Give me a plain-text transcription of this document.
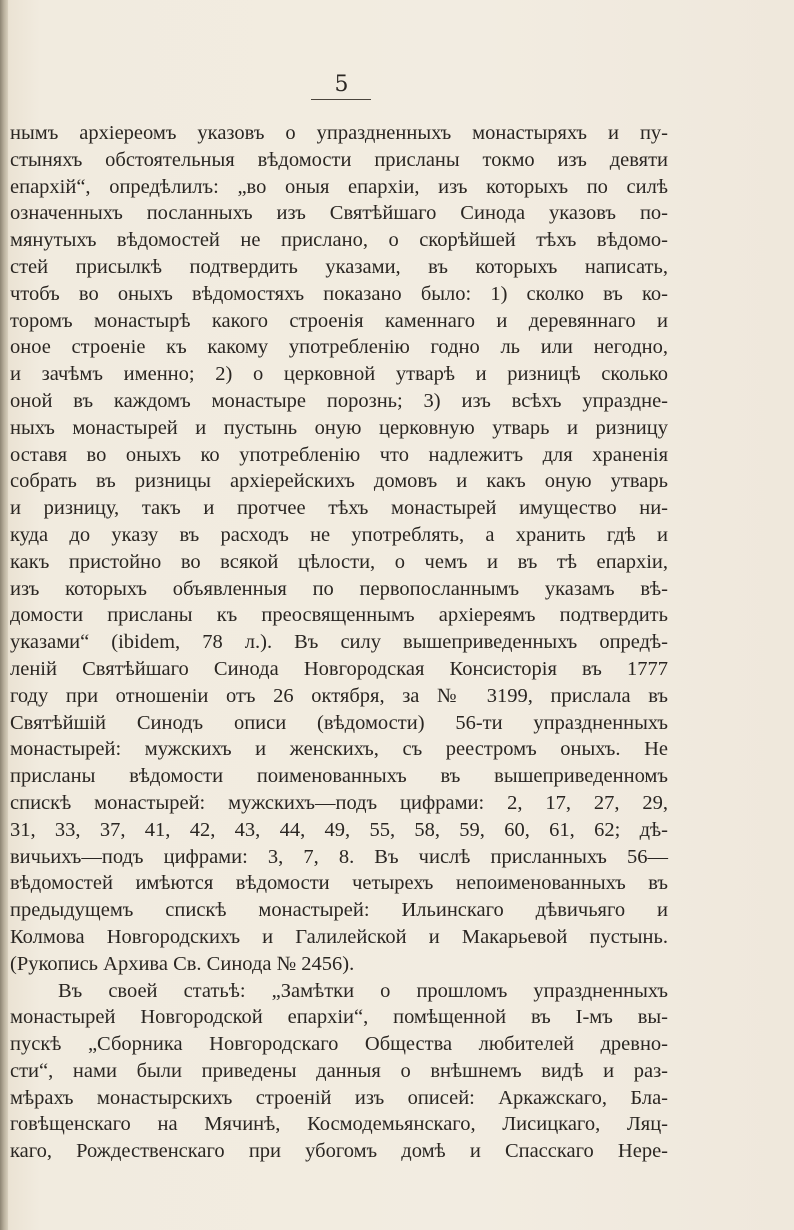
5
нымъ архіереомъ указовъ о упраздненныхъ монастыряхъ и пу-
стыняхъ обстоятельныя вѣдомости присланы токмо изъ девяти
епархій“, опредѣлилъ: „во оныя епархіи, изъ которыхъ по силѣ
означенныхъ посланныхъ изъ Святѣйшаго Синода указовъ по-
мянутыхъ вѣдомостей не прислано, о скорѣйшей тѣхъ вѣдомо-
стей присылкѣ подтвердить указами, въ которыхъ написать,
чтобъ во оныхъ вѣдомостяхъ показано было: 1) сколко въ ко-
торомъ монастырѣ какого строенія каменнаго и деревяннаго и
оное строеніе къ какому употребленію годно ль или негодно,
и зачѣмъ именно; 2) о церковной утварѣ и ризницѣ сколько
оной въ каждомъ монастыре порознь; 3) изъ всѣхъ упраздне-
ныхъ монастырей и пустынь оную церковную утварь и ризницу
оставя во оныхъ ко употребленію что надлежитъ для храненія
собрать въ ризницы архіерейскихъ домовъ и какъ оную утварь
и ризницу, такъ и протчее тѣхъ монастырей имущество ни-
куда до указу въ расходъ не употреблять, а хранить гдѣ и
какъ пристойно во всякой цѣлости, о чемъ и въ тѣ епархіи,
изъ которыхъ объявленныя по первопосланнымъ указамъ вѣ-
домости присланы къ преосвященнымъ архіереямъ подтвердить
указами“ (ibidem, 78 л.). Въ силу вышеприведенныхъ опредѣ-
леній Святѣйшаго Синода Новгородская Консисторія въ 1777
году при отношеніи отъ 26 октября, за № 3199, прислала въ
Святѣйшій Синодъ описи (вѣдомости) 56-ти упраздненныхъ
монастырей: мужскихъ и женскихъ, съ реестромъ оныхъ. Не
присланы вѣдомости поименованныхъ въ вышеприведенномъ
спискѣ монастырей: мужскихъ—подъ цифрами: 2, 17, 27, 29,
31, 33, 37, 41, 42, 43, 44, 49, 55, 58, 59, 60, 61, 62; дѣ-
вичьихъ—подъ цифрами: 3, 7, 8. Въ числѣ присланныхъ 56—
вѣдомостей имѣются вѣдомости четырехъ непоименованныхъ въ
предыдущемъ спискѣ монастырей: Ильинскаго дѣвичьяго и
Колмова Новгородскихъ и Галилейской и Макарьевой пустынь.
(Рукопись Архива Св. Синода № 2456).
Въ своей статьѣ: „Замѣтки о прошломъ упраздненныхъ
монастырей Новгородской епархіи“, помѣщенной въ I-мъ вы-
пускѣ „Сборника Новгородскаго Общества любителей древно-
сти“, нами были приведены данныя о внѣшнемъ видѣ и раз-
мѣрахъ монастырскихъ строеній изъ описей: Аркажскаго, Бла-
говѣщенскаго на Мячинѣ, Космодемьянскаго, Лисицкаго, Ляц-
каго, Рождественскаго при убогомъ домѣ и Спасскаго Нере-
